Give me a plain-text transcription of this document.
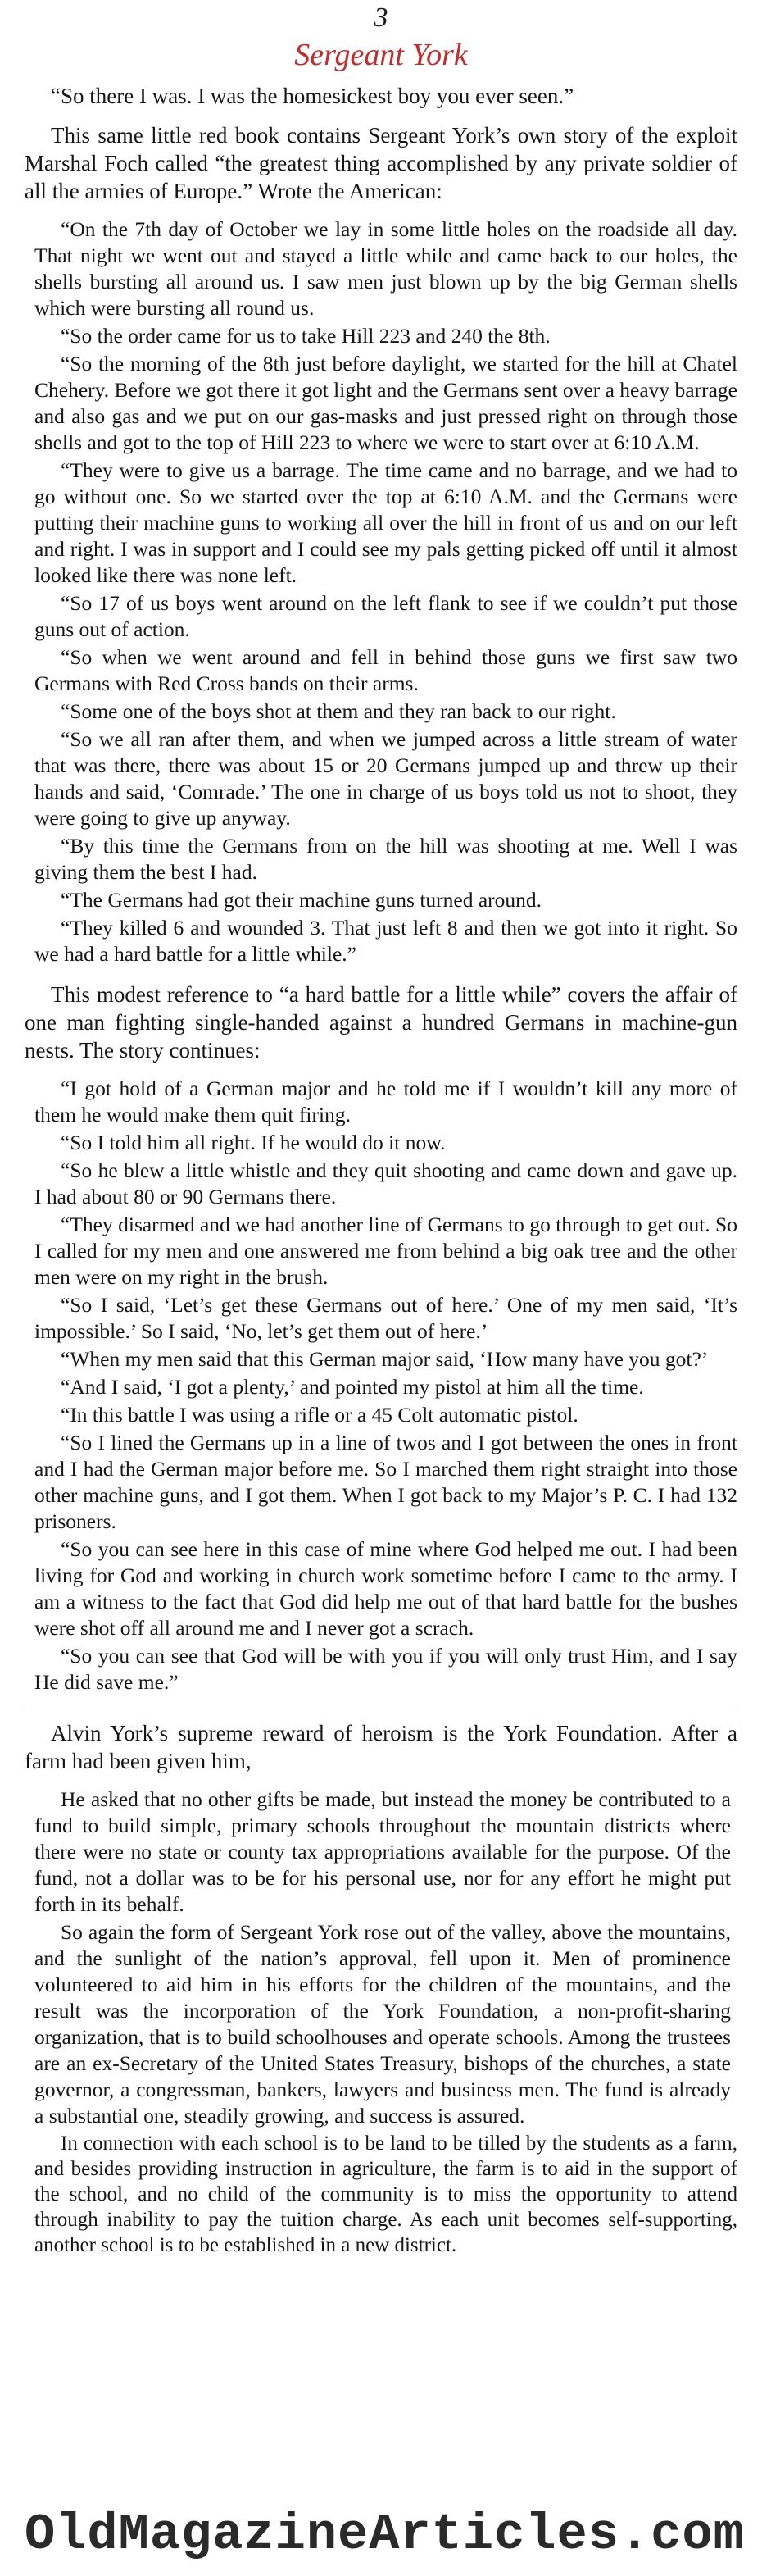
3
Sergeant York

“So there I was. I was the homesickest boy you ever seen.”

This same little red book contains Sergeant York’s own story of the exploit Marshal Foch called “the greatest thing accomplished by any private soldier of all the armies of Europe.” Wrote the American:

“On the 7th day of October we lay in some little holes on the roadside all day. That night we went out and stayed a little while and came back to our holes, the shells bursting all around us. I saw men just blown up by the big German shells which were bursting all round us.

“So the order came for us to take Hill 223 and 240 the 8th.

“So the morning of the 8th just before daylight, we started for the hill at Chatel Chehery. Before we got there it got light and the Germans sent over a heavy barrage and also gas and we put on our gas-masks and just pressed right on through those shells and got to the top of Hill 223 to where we were to start over at 6:10 A.M.

“They were to give us a barrage. The time came and no barrage, and we had to go without one. So we started over the top at 6:10 A.M. and the Germans were putting their machine guns to working all over the hill in front of us and on our left and right. I was in support and I could see my pals getting picked off until it almost looked like there was none left.

“So 17 of us boys went around on the left flank to see if we couldn’t put those guns out of action.

“So when we went around and fell in behind those guns we first saw two Germans with Red Cross bands on their arms.

“Some one of the boys shot at them and they ran back to our right.

“So we all ran after them, and when we jumped across a little stream of water that was there, there was about 15 or 20 Germans jumped up and threw up their hands and said, ‘Comrade.’ The one in charge of us boys told us not to shoot, they were going to give up anyway.

“By this time the Germans from on the hill was shooting at me. Well I was giving them the best I had.

“The Germans had got their machine guns turned around.

“They killed 6 and wounded 3. That just left 8 and then we got into it right. So we had a hard battle for a little while.”

This modest reference to “a hard battle for a little while” covers the affair of one man fighting single-handed against a hundred Germans in machine-gun nests. The story continues:

“I got hold of a German major and he told me if I wouldn’t kill any more of them he would make them quit firing.

“So I told him all right. If he would do it now.

“So he blew a little whistle and they quit shooting and came down and gave up. I had about 80 or 90 Germans there.

“They disarmed and we had another line of Germans to go through to get out. So I called for my men and one answered me from behind a big oak tree and the other men were on my right in the brush.

“So I said, ‘Let’s get these Germans out of here.’ One of my men said, ‘It’s impossible.’ So I said, ‘No, let’s get them out of here.’

“When my men said that this German major said, ‘How many have you got?’

“And I said, ‘I got a plenty,’ and pointed my pistol at him all the time.

“In this battle I was using a rifle or a 45 Colt automatic pistol.

“So I lined the Germans up in a line of twos and I got between the ones in front and I had the German major before me. So I marched them right straight into those other machine guns, and I got them. When I got back to my Major’s P. C. I had 132 prisoners.

“So you can see here in this case of mine where God helped me out. I had been living for God and working in church work sometime before I came to the army. I am a witness to the fact that God did help me out of that hard battle for the bushes were shot off all around me and I never got a scrach.

“So you can see that God will be with you if you will only trust Him, and I say He did save me.”

Alvin York’s supreme reward of heroism is the York Foundation. After a farm had been given him,

He asked that no other gifts be made, but instead the money be contributed to a fund to build simple, primary schools throughout the mountain districts where there were no state or county tax appropriations available for the purpose. Of the fund, not a dollar was to be for his personal use, nor for any effort he might put forth in its behalf.

So again the form of Sergeant York rose out of the valley, above the mountains, and the sunlight of the nation’s approval, fell upon it. Men of prominence volunteered to aid him in his efforts for the children of the mountains, and the result was the incorporation of the York Foundation, a non-profit-sharing organization, that is to build schoolhouses and operate schools. Among the trustees are an ex-Secretary of the United States Treasury, bishops of the churches, a state governor, a congressman, bankers, lawyers and business men. The fund is already a substantial one, steadily growing, and success is assured.

In connection with each school is to be land to be tilled by the students as a farm, and besides providing instruction in agriculture, the farm is to aid in the support of the school, and no child of the community is to miss the opportunity to attend through inability to pay the tuition charge. As each unit becomes self-supporting, another school is to be established in a new district.

OldMagazineArticles.com
